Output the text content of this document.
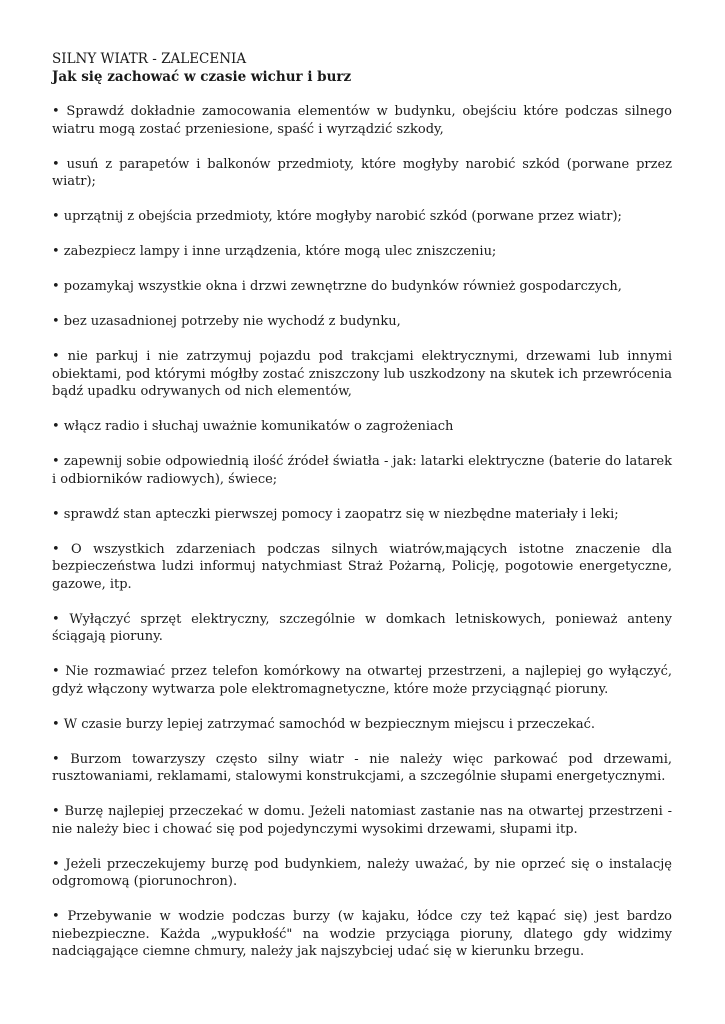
SILNY WIATR - ZALECENIA
Jak się zachować w czasie wichur i burz

• Sprawdź dokładnie zamocowania elementów w budynku, obejściu które podczas silnego wiatru mogą zostać przeniesione, spaść i wyrządzić szkody,

• usuń z parapetów i balkonów przedmioty, które mogłyby narobić szkód (porwane przez wiatr);

• uprzątnij z obejścia przedmioty, które mogłyby narobić szkód (porwane przez wiatr);

• zabezpiecz lampy i inne urządzenia, które mogą ulec zniszczeniu;

• pozamykaj wszystkie okna i drzwi zewnętrzne do budynków również gospodarczych,

• bez uzasadnionej potrzeby nie wychodź z budynku,

• nie parkuj i nie zatrzymuj pojazdu pod trakcjami elektrycznymi, drzewami lub innymi obiektami, pod którymi mógłby zostać zniszczony lub uszkodzony na skutek ich przewrócenia bądź upadku odrywanych od nich elementów,

• włącz radio i słuchaj uważnie komunikatów o zagrożeniach

• zapewnij sobie odpowiednią ilość źródeł światła - jak: latarki elektryczne (baterie do latarek i odbiorników radiowych), świece;

• sprawdź stan apteczki pierwszej pomocy i zaopatrz się w niezbędne materiały i leki;

• O wszystkich zdarzeniach podczas silnych wiatrów,mających istotne znaczenie dla bezpieczeństwa ludzi informuj natychmiast Straż Pożarną, Policję, pogotowie energetyczne, gazowe, itp.

• Wyłączyć sprzęt elektryczny, szczególnie w domkach letniskowych, ponieważ anteny ściągają pioruny.

• Nie rozmawiać przez telefon komórkowy na otwartej przestrzeni, a najlepiej go wyłączyć, gdyż włączony wytwarza pole elektromagnetyczne, które może przyciągnąć pioruny.

• W czasie burzy lepiej zatrzymać samochód w bezpiecznym miejscu i przeczekać.

• Burzom towarzyszy często silny wiatr - nie należy więc parkować pod drzewami, rusztowaniami, reklamami, stalowymi konstrukcjami, a szczególnie słupami energetycznymi.

• Burzę najlepiej przeczekać w domu. Jeżeli natomiast zastanie nas na otwartej przestrzeni - nie należy biec i chować się pod pojedynczymi wysokimi drzewami, słupami itp.

• Jeżeli przeczekujemy burzę pod budynkiem, należy uważać, by nie oprzeć się o instalację odgromową (piorunochron).

• Przebywanie w wodzie podczas burzy (w kajaku, łódce czy też kąpać się) jest bardzo niebezpieczne. Każda „wypukłość" na wodzie przyciąga pioruny, dlatego gdy widzimy nadciągające ciemne chmury, należy jak najszybciej udać się w kierunku brzegu.
